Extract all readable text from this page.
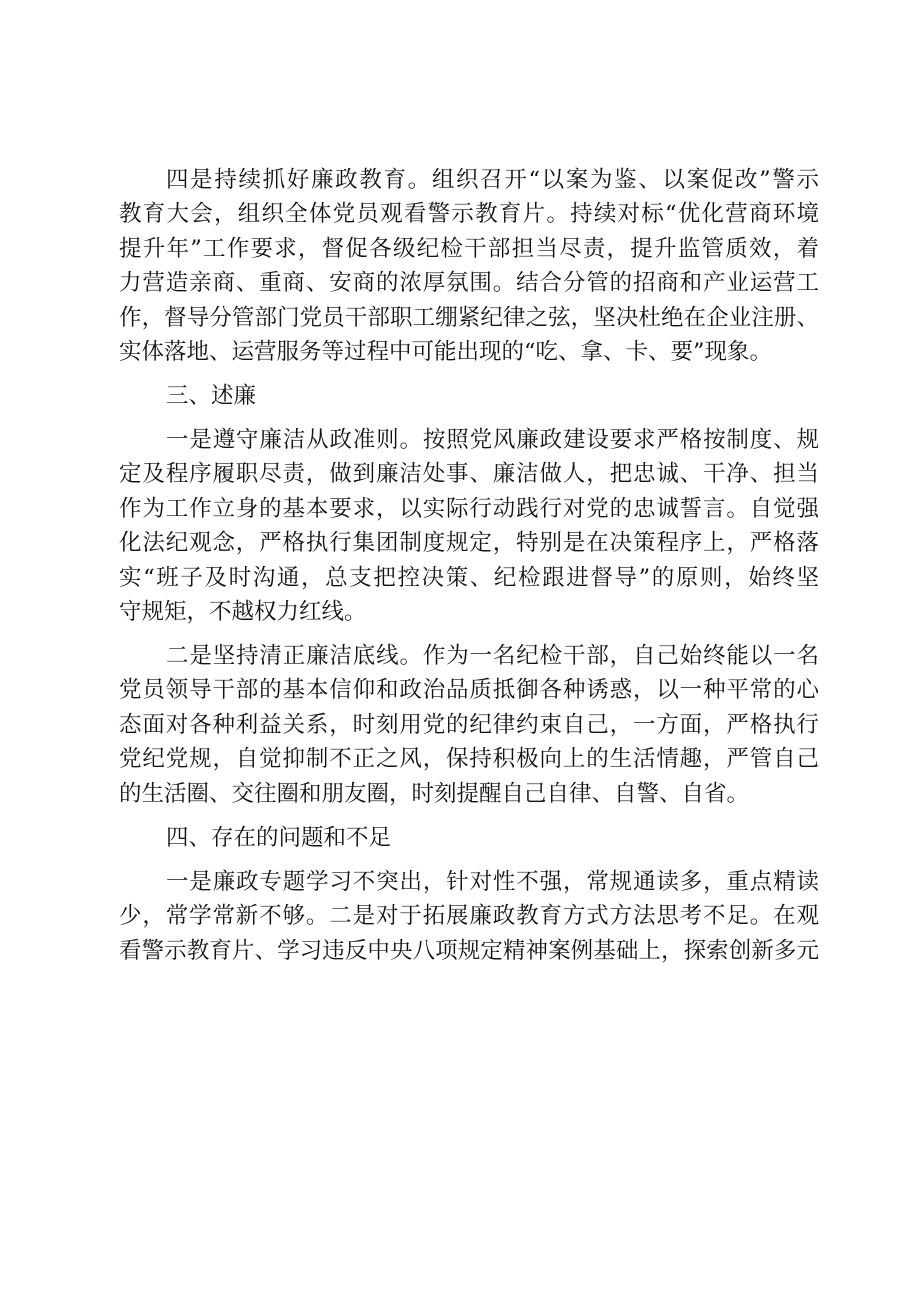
四是持续抓好廉政教育。组织召开“以案为鉴、以案促改”警示
教育大会，组织全体党员观看警示教育片。持续对标“优化营商环境
提升年”工作要求，督促各级纪检干部担当尽责，提升监管质效，着
力营造亲商、重商、安商的浓厚氛围。结合分管的招商和产业运营工
作，督导分管部门党员干部职工绷紧纪律之弦，坚决杜绝在企业注册、
实体落地、运营服务等过程中可能出现的“吃、拿、卡、要”现象。
三、述廉
一是遵守廉洁从政准则。按照党风廉政建设要求严格按制度、规
定及程序履职尽责，做到廉洁处事、廉洁做人，把忠诚、干净、担当
作为工作立身的基本要求，以实际行动践行对党的忠诚誓言。自觉强
化法纪观念，严格执行集团制度规定，特别是在决策程序上，严格落
实“班子及时沟通，总支把控决策、纪检跟进督导”的原则，始终坚
守规矩，不越权力红线。
二是坚持清正廉洁底线。作为一名纪检干部，自己始终能以一名
党员领导干部的基本信仰和政治品质抵御各种诱惑，以一种平常的心
态面对各种利益关系，时刻用党的纪律约束自己，一方面，严格执行
党纪党规，自觉抑制不正之风，保持积极向上的生活情趣，严管自己
的生活圈、交往圈和朋友圈，时刻提醒自己自律、自警、自省。
四、存在的问题和不足
一是廉政专题学习不突出，针对性不强，常规通读多，重点精读
少，常学常新不够。二是对于拓展廉政教育方式方法思考不足。在观
看警示教育片、学习违反中央八项规定精神案例基础上，探索创新多元
